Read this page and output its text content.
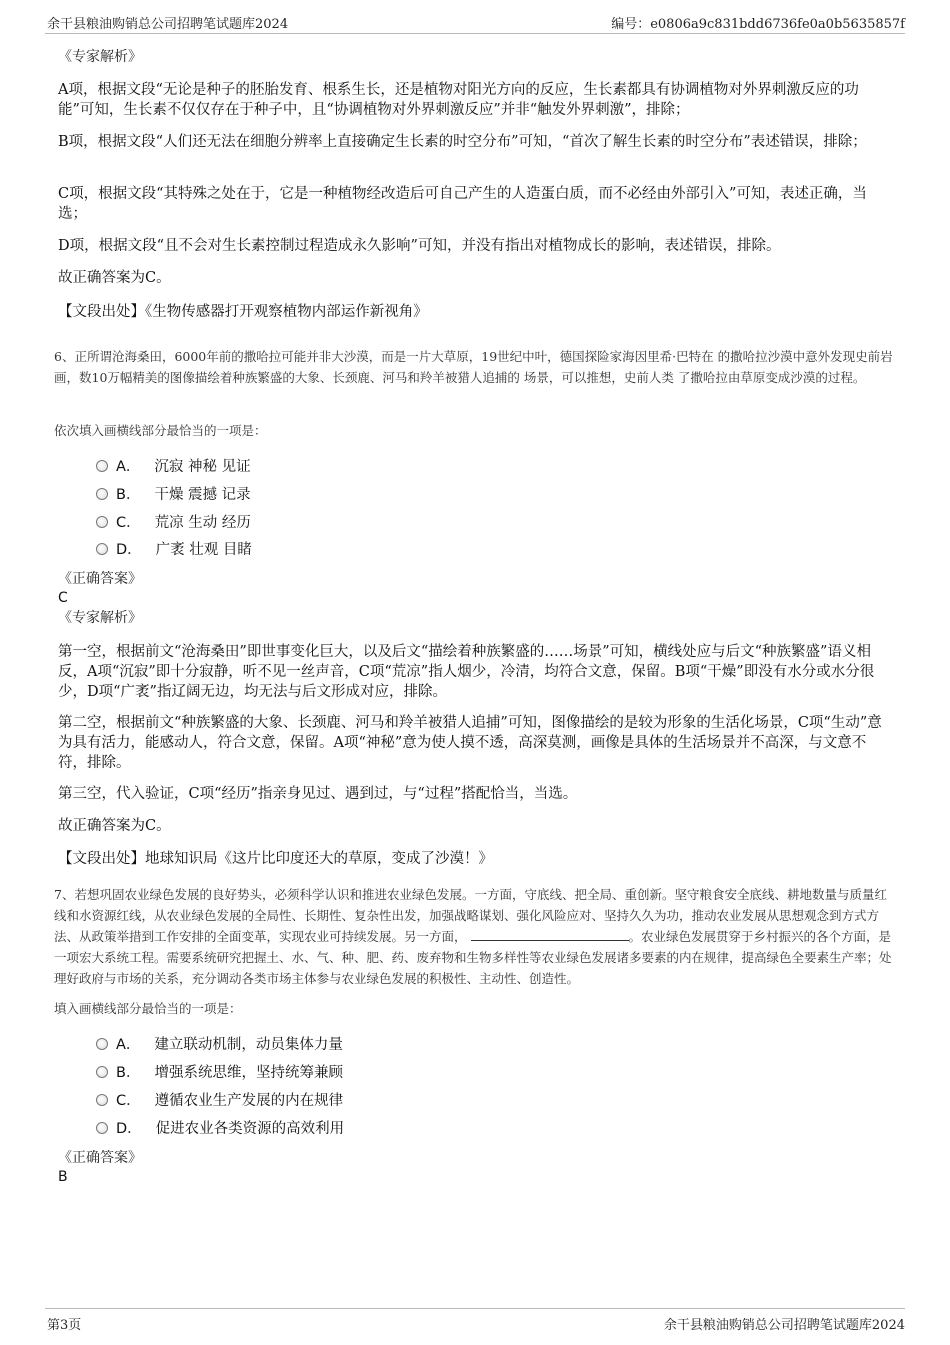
余干县粮油购销总公司招聘笔试题库2024	编号：e0806a9c831bdd6736fe0a0b5635857f
《专家解析》
A项，根据文段“无论是种子的胚胎发育、根系生长，还是植物对阳光方向的反应，生长素都具有协调植物对外界刺激反应的功能”可知，生长素不仅仅存在于种子中，且“协调植物对外界刺激反应”并非“触发外界刺激”，排除；
B项，根据文段“人们还无法在细胞分辨率上直接确定生长素的时空分布”可知，“首次了解生长素的时空分布”表述错误，排除；
C项，根据文段“其特殊之处在于，它是一种植物经改造后可自己产生的人造蛋白质，而不必经由外部引入”可知，表述正确，当选；
D项，根据文段“且不会对生长素控制过程造成永久影响”可知，并没有指出对植物成长的影响，表述错误，排除。
故正确答案为C。
【文段出处】《生物传感器打开观察植物内部运作新视角》
6、正所谓沧海桑田，6000年前的撒哈拉可能并非大沙漠，而是一片大草原，19世纪中叶，德国探险家海因里希·巴特在 的撒哈拉沙漠中意外发现史前岩画，数10万幅精美的图像描绘着种族繁盛的大象、长颈鹿、河马和羚羊被猎人追捕的 场景，可以推想，史前人类 了撒哈拉由草原变成沙漠的过程。
依次填入画横线部分最恰当的一项是：
A． 沉寂 神秘 见证
B． 干燥 震撼 记录
C． 荒凉 生动 经历
D． 广袤 壮观 目睹
《正确答案》
C
《专家解析》
第一空，根据前文“沧海桑田”即世事变化巨大，以及后文“描绘着种族繁盛的……场景”可知，横线处应与后文“种族繁盛”语义相反，A项“沉寂”即十分寂静，听不见一丝声音，C项“荒凉”指人烟少，冷清，均符合文意，保留。B项“干燥”即没有水分或水分很少，D项“广袤”指辽阔无边，均无法与后文形成对应，排除。
第二空，根据前文“种族繁盛的大象、长颈鹿、河马和羚羊被猎人追捕”可知，图像描绘的是较为形象的生活化场景，C项“生动”意为具有活力，能感动人，符合文意，保留。A项“神秘”意为使人摸不透，高深莫测，画像是具体的生活场景并不高深，与文意不符，排除。
第三空，代入验证，C项“经历”指亲身见过、遇到过，与“过程”搭配恰当，当选。
故正确答案为C。
【文段出处】地球知识局《这片比印度还大的草原，变成了沙漠！》
7、若想巩固农业绿色发展的良好势头，必须科学认识和推进农业绿色发展。一方面，守底线、把全局、重创新。坚守粮食安全底线、耕地数量与质量红线和水资源红线，从农业绿色发展的全局性、长期性、复杂性出发，加强战略谋划、强化风险应对、坚持久久为功，推动农业发展从思想观念到方式方法、从政策举措到工作安排的全面变革，实现农业可持续发展。另一方面，	。农业绿色发展贯穿于乡村振兴的各个方面，是一项宏大系统工程。需要系统研究把握土、水、气、种、肥、药、废弃物和生物多样性等农业绿色发展诸多要素的内在规律，提高绿色全要素生产率；处理好政府与市场的关系，充分调动各类市场主体参与农业绿色发展的积极性、主动性、创造性。
填入画横线部分最恰当的一项是：
A． 建立联动机制，动员集体力量
B． 增强系统思维，坚持统筹兼顾
C． 遵循农业生产发展的内在规律
D． 促进农业各类资源的高效利用
《正确答案》
B
第3页	余干县粮油购销总公司招聘笔试题库2024
